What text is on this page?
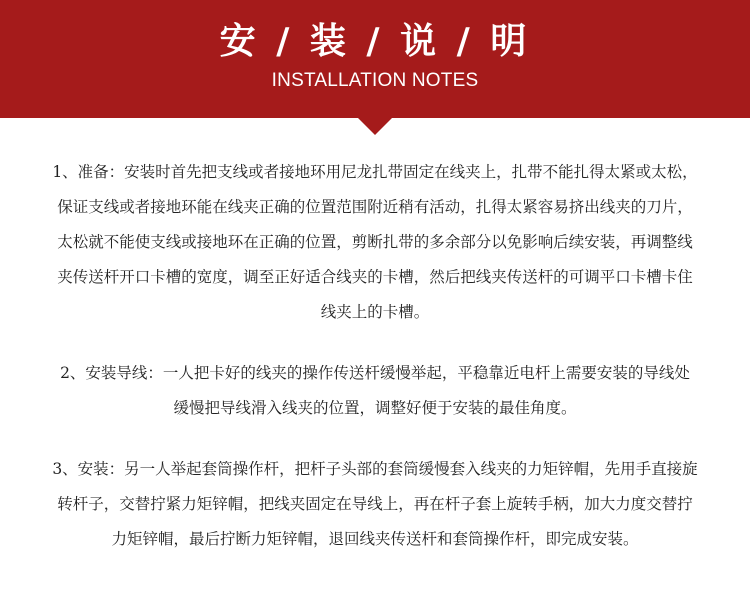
安 / 装 / 说 / 明
INSTALLATION NOTES

1、准备：安装时首先把支线或者接地环用尼龙扎带固定在线夹上，扎带不能扎得太紧或太松，
保证支线或者接地环能在线夹正确的位置范围附近稍有活动，扎得太紧容易挤出线夹的刀片，
太松就不能使支线或接地环在正确的位置，剪断扎带的多余部分以免影响后续安装，再调整线
夹传送杆开口卡槽的宽度，调至正好适合线夹的卡槽，然后把线夹传送杆的可调平口卡槽卡住
线夹上的卡槽。

2、安装导线：一人把卡好的线夹的操作传送杆缓慢举起，平稳靠近电杆上需要安装的导线处
缓慢把导线滑入线夹的位置，调整好便于安装的最佳角度。

3、安装：另一人举起套筒操作杆，把杆子头部的套筒缓慢套入线夹的力矩锌帽，先用手直接旋
转杆子，交替拧紧力矩锌帽，把线夹固定在导线上，再在杆子套上旋转手柄，加大力度交替拧
力矩锌帽，最后拧断力矩锌帽，退回线夹传送杆和套筒操作杆，即完成安装。
